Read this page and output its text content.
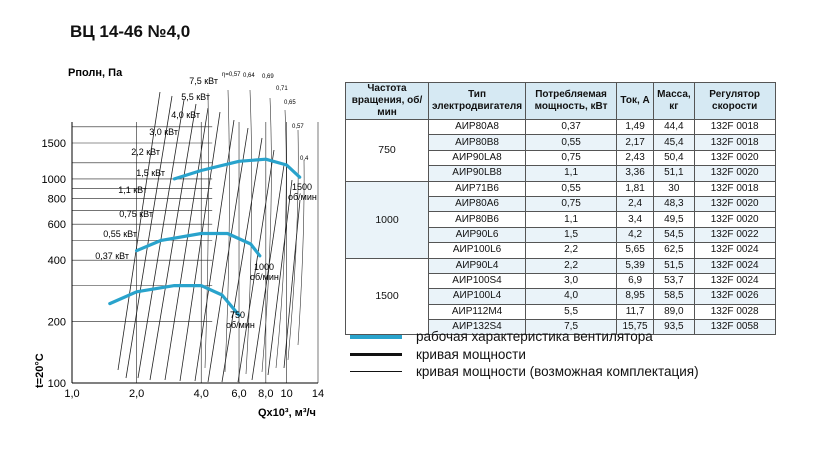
ВЦ 14-46 №4,0
100
200
400
600
800
1000
1500
1,0	2,0	4,0 6,0 8,0 10 14
7,5 кВт
5,5 кВт
4,0 кВт
3,0 кВт
2,2 кВт
1,5 кВт
1,1 кВт
0,75 кВт
0,55 кВт
0,37 кВт
η=0,57 0,64 0,69
0,71
0,65
0,57
0,4
1500
об/мин
1000
об/мин
750
об/мин
Pполн, Па
Qx10³, м³/ч
t=20°C
Частота вращения, об/мин	Тип электродвигателя	Потребляемая мощность, кВт	Ток, А	Масса, кг	Регулятор скорости
750	АИР80А8	0,37	1,49	44,4	132F 0018
	АИР80В8	0,55	2,17	45,4	132F 0018
	АИР90LA8	0,75	2,43	50,4	132F 0020
	АИР90LB8	1,1	3,36	51,1	132F 0020
1000	АИР71В6	0,55	1,81	30	132F 0018
	АИР80А6	0,75	2,4	48,3	132F 0020
	АИР80В6	1,1	3,4	49,5	132F 0020
	АИР90L6	1,5	4,2	54,5	132F 0022
	АИР100L6	2,2	5,65	62,5	132F 0024
1500	АИР90L4	2,2	5,39	51,5	132F 0024
	АИР100S4	3,0	6,9	53,7	132F 0024
	АИР100L4	4,0	8,95	58,5	132F 0026
	АИР112М4	5,5	11,7	89,0	132F 0028
	АИР132S4	7,5	15,75	93,5	132F 0058
рабочая характеристика вентилятора
кривая мощности
кривая мощности (возможная комплектация)
